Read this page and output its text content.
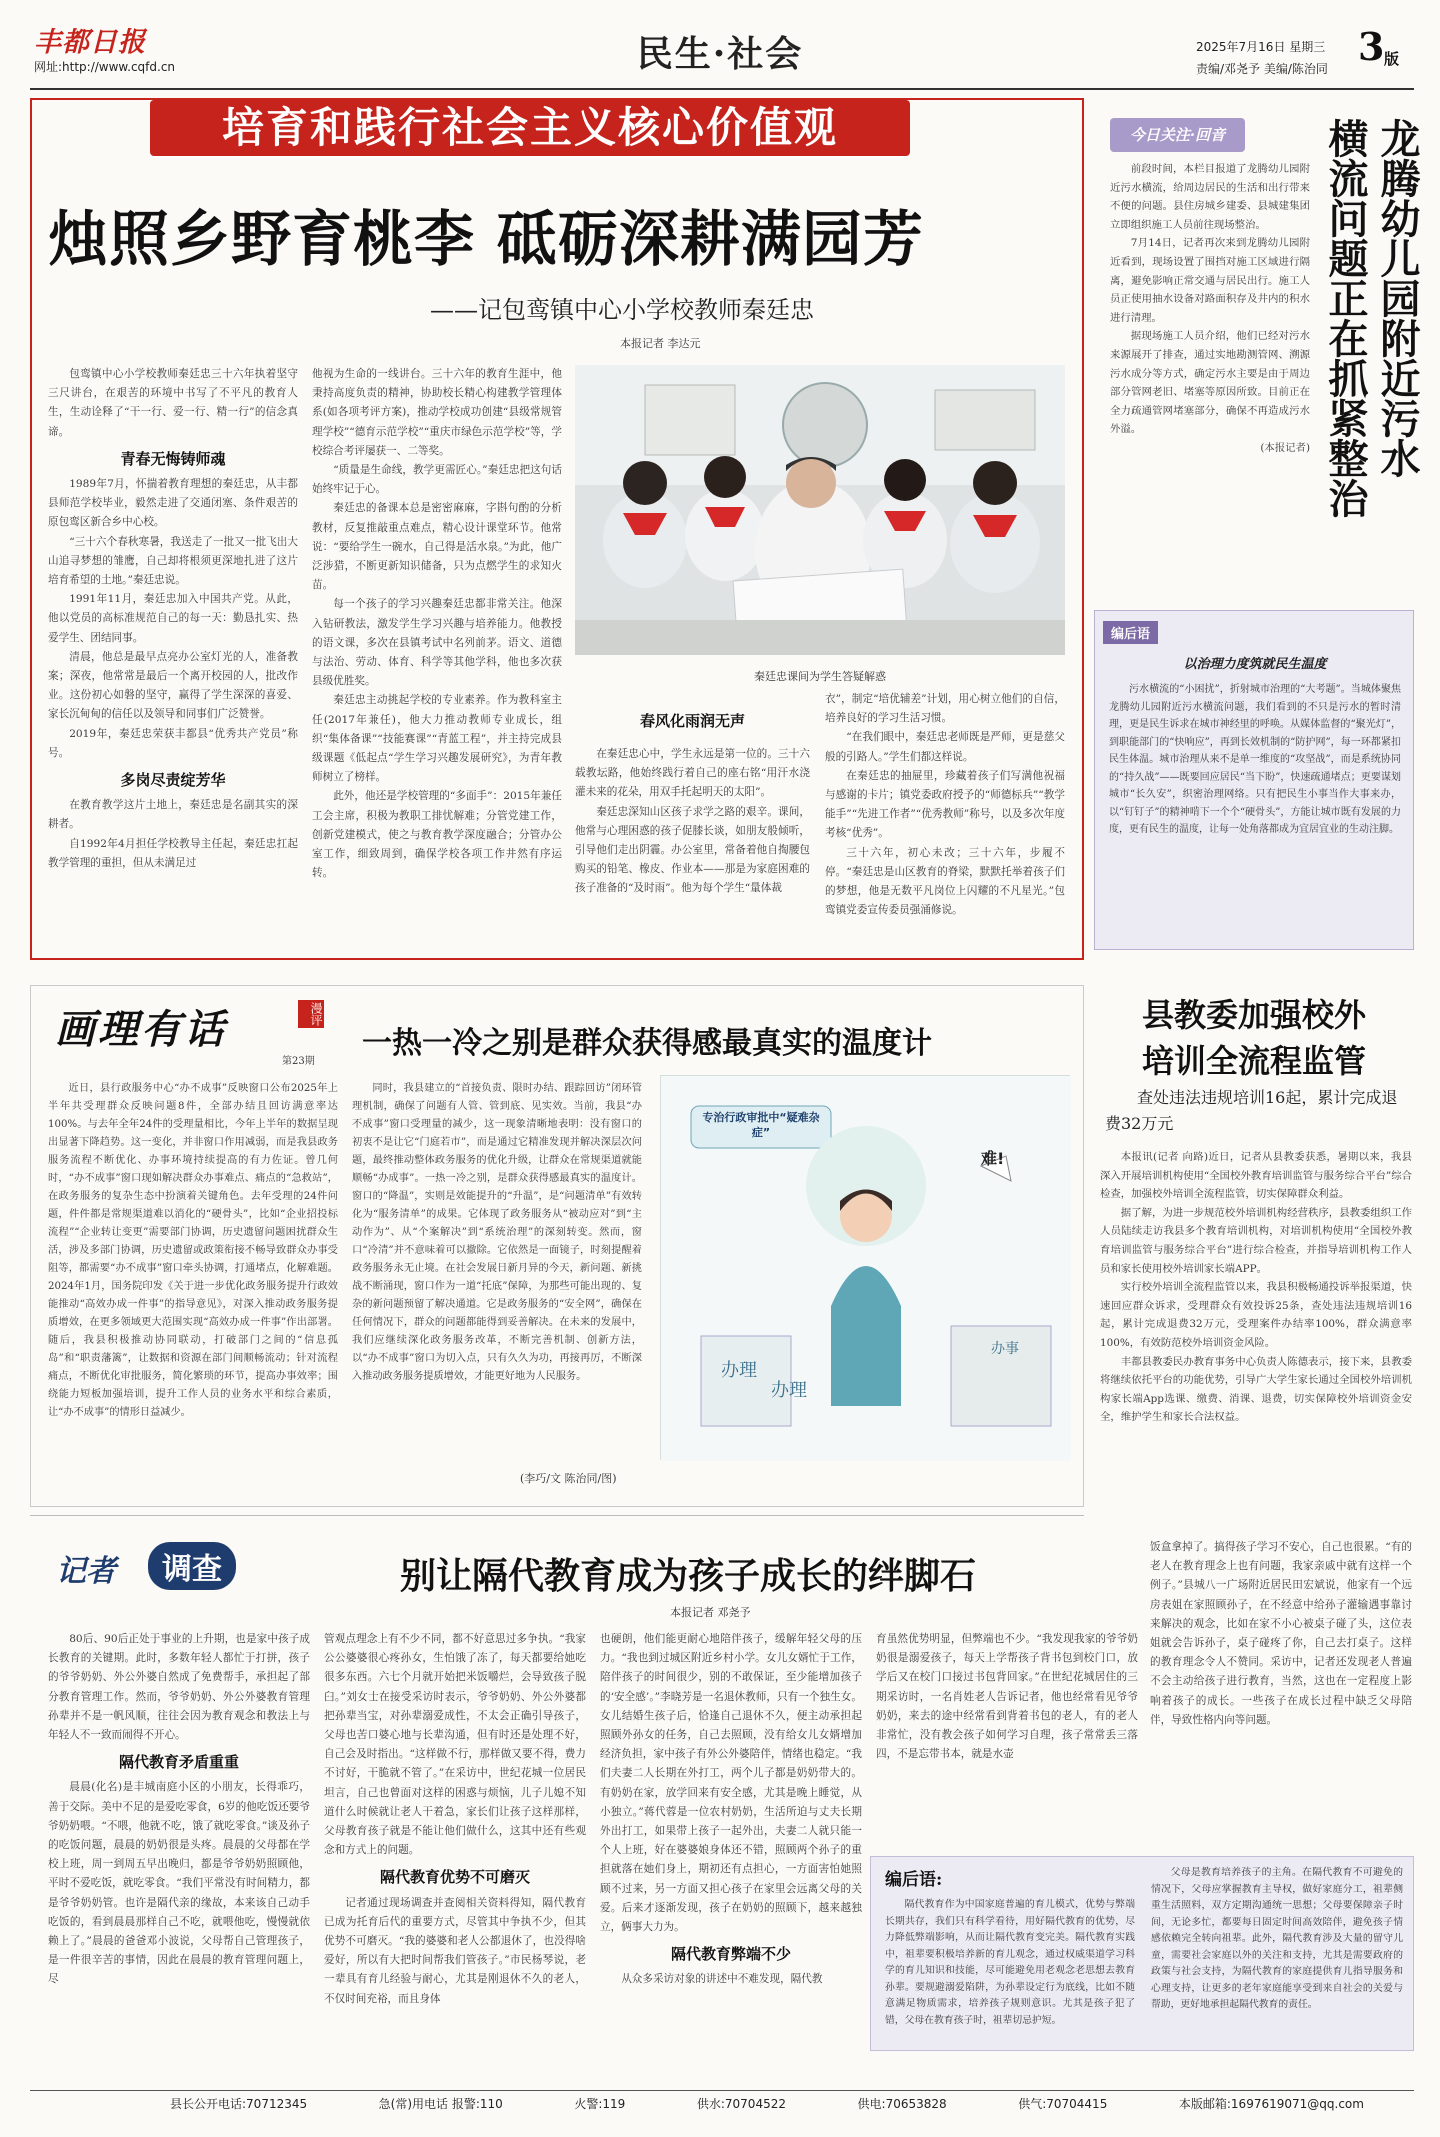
丰都日报
网址:http://www.cqfd.cn	民生·社会	2025年7月16日 星期三
责编/邓尧予 美编/陈治同 3 版
培育和践行社会主义核心价值观
烛照乡野育桃李 砥砺深耕满园芳
——记包鸾镇中心小学校教师秦廷忠
本报记者 李达元

包鸾镇中心小学校教师秦廷忠三十六年执着坚守三尺讲台，在艰苦的环境中书写了不平凡的教育人生，生动诠释了“干一行、爱一行、精一行”的信念真谛。

青春无悔铸师魂

1989年7月，怀揣着教育理想的秦廷忠，从丰都县师范学校毕业，毅然走进了交通闭塞、条件艰苦的原包鸾区新合乡中心校。

“三十六个春秋寒暑，我送走了一批又一批飞出大山追寻梦想的雏鹰，自己却将根须更深地扎进了这片培育希望的土地。”秦廷忠说。

1991年11月，秦廷忠加入中国共产党。从此，他以党员的高标准规范自己的每一天：勤恳扎实、热爱学生、团结同事。

清晨，他总是最早点亮办公室灯光的人，准备教案；深夜，他常常是最后一个离开校园的人，批改作业。这份初心如磐的坚守，赢得了学生深深的喜爱、家长沉甸甸的信任以及领导和同事们广泛赞誉。

2019年，秦廷忠荣获丰都县“优秀共产党员”称号。

多岗尽责绽芳华

在教育教学这片土地上，秦廷忠是名副其实的深耕者。

自1992年4月担任学校教导主任起，秦廷忠扛起教学管理的重担，但从未满足过

他视为生命的一线讲台。三十六年的教育生涯中，他秉持高度负责的精神，协助校长精心构建教学管理体系(如各项考评方案)，推动学校成功创建“县级常规管理学校”“德育示范学校”“重庆市绿色示范学校”等，学校综合考评屡获一、二等奖。

“质量是生命线，教学更需匠心。”秦廷忠把这句话始终牢记于心。

秦廷忠的备课本总是密密麻麻，字斟句酌的分析教材，反复推敲重点难点，精心设计课堂环节。他常说：“要给学生一碗水，自己得是活水泉。”为此，他广泛涉猎，不断更新知识储备，只为点燃学生的求知火苗。

每一个孩子的学习兴趣秦廷忠都非常关注。他深入钻研教法，激发学生学习兴趣与培养能力。他教授的语文课，多次在县镇考试中名列前茅。语文、道德与法治、劳动、体育、科学等其他学科，他也多次获县级优胜奖。

秦廷忠主动挑起学校的专业素养。作为教科室主任(2017年兼任)，他大力推动教师专业成长，组织“集体备课”“技能赛课”“青蓝工程”，并主持完成县级课题《低起点“学生学习兴趣发展研究》，为青年教师树立了榜样。

此外，他还是学校管理的“多面手”：2015年兼任工会主席，积极为教职工排忧解难；分管党建工作，创新党建模式，使之与教育教学深度融合；分管办公室工作，细致周到，确保学校各项工作井然有序运转。

秦廷忠课间为学生答疑解惑
春风化雨润无声

在秦廷忠心中，学生永远是第一位的。三十六载教坛路，他始终践行着自己的座右铭“用汗水浇灌未来的花朵，用双手托起明天的太阳”。

秦廷忠深知山区孩子求学之路的艰辛。课间，他常与心理困惑的孩子促膝长谈，如朋友般倾听，引导他们走出阴霾。办公室里，常备着他自掏腰包购买的铅笔、橡皮、作业本——那是为家庭困难的孩子准备的“及时雨”。他为每个学生“量体裁

衣”，制定“培优辅差”计划，用心树立他们的自信，培养良好的学习生活习惯。

“在我们眼中，秦廷忠老师既是严师，更是慈父般的引路人。”学生们都这样说。

在秦廷忠的抽屉里，珍藏着孩子们写满他祝福与感谢的卡片；镇党委政府授予的“师德标兵”“教学能手”“先进工作者”“优秀教师”称号，以及多次年度考核“优秀”。

三十六年，初心未改；三十六年，步履不停。“秦廷忠是山区教育的脊梁，默默托举着孩子们的梦想，他是无数平凡岗位上闪耀的不凡星光。”包鸾镇党委宣传委员强涌修说。

今日关注·回音	龙腾幼儿园附近污水
横流问题正在抓紧整治

前段时间，本栏目报道了龙腾幼儿园附近污水横流，给周边居民的生活和出行带来不便的问题。县住房城乡建委、县城建集团立即组织施工人员前往现场整治。

7月14日，记者再次来到龙腾幼儿园附近看到，现场设置了围挡对施工区域进行隔离，避免影响正常交通与居民出行。施工人员正使用抽水设备对路面积存及井内的积水进行清理。

据现场施工人员介绍，他们已经对污水来源展开了排查，通过实地勘测管网、溯源污水成分等方式，确定污水主要是由于周边部分管网老旧、堵塞等原因所致。目前正在全力疏通管网堵塞部分，确保不再造成污水外溢。

(本报记者)

编后语
以治理力度筑就民生温度
污水横流的“小困扰”，折射城市治理的“大考题”。当城体聚焦龙腾幼儿园附近污水横流问题，我们看到的不只是污水的暂时清理，更是民生诉求在城市神经里的呼唤。从媒体监督的“聚光灯”，到职能部门的“快响应”，再到长效机制的“防护网”，每一环都紧扣民生体温。城市治理从来不是单一维度的“攻坚战”，而是系统协同的“持久战”——既要回应居民“当下盼”，快速疏通堵点；更要谋划城市“长久安”，织密治理网络。只有把民生小事当作大事来办，以“钉钉子”的精神啃下一个个“硬骨头”，方能让城市既有发展的力度，更有民生的温度，让每一处角落都成为宜居宜业的生动注脚。
画理有话	漫评
第23期
一热一冷之别是群众获得感最真实的温度计
近日，县行政服务中心“办不成事”反映窗口公布2025年上半年共受理群众反映问题8件，全部办结且回访满意率达100%。与去年全年24件的受理量相比，今年上半年的数据呈现出显著下降趋势。这一变化，并非窗口作用减弱，而是我县政务服务流程不断优化、办事环境持续提高的有力佐证。曾几何时，“办不成事”窗口现如解决群众办事难点、痛点的“急救站”，在政务服务的复杂生态中扮演着关键角色。去年受理的24件问题，件件都是常规渠道难以消化的“硬骨头”，比如“企业招投标流程”“企业转让变更”需要部门协调，历史遗留问题困扰群众生活，涉及多部门协调，历史遗留或政策衔接不畅导致群众办事受阻等，都需要“办不成事”窗口牵头协调，打通堵点，化解难题。2024年1月，国务院印发《关于进一步优化政务服务提升行政效能推动“高效办成一件事”的指导意见》，对深入推动政务服务提质增效，在更多领域更大范围实现“高效办成一件事”作出部署。随后，我县积极推动协同联动，打破部门之间的“信息孤岛”和“职责藩篱”，让数据和资源在部门间顺畅流动；针对流程痛点，不断优化审批服务，简化繁琐的环节，提高办事效率；围绕能力短板加强培训，提升工作人员的业务水平和综合素质，让“办不成事”的情形日益减少。
同时，我县建立的“首接负责、限时办结、跟踪回访”闭环管理机制，确保了问题有人管、管到底、见实效。当前，我县“办不成事”窗口受理量的减少，这一现象清晰地表明：没有窗口的初衷不是让它“门庭若市”，而是通过它精准发现并解决深层次问题，最终推动整体政务服务的优化升级，让群众在常规渠道就能顺畅“办成事”。一热一冷之别，是群众获得感最真实的温度计。窗口的“降温”，实则是效能提升的“升温”，是“问题清单”有效转化为“服务清单”的成果。它体现了政务服务从“被动应对”到“主动作为”、从“个案解决”到“系统治理”的深刻转变。然而，窗口“冷清”并不意味着可以撤除。它依然是一面镜子，时刻提醒着政务服务永无止境。在社会发展日新月异的今天，新问题、新挑战不断涌现，窗口作为一道“托底”保障，为那些可能出现的、复杂的新问题预留了解决通道。它是政务服务的“安全网”，确保在任何情况下，群众的问题都能得到妥善解决。在未来的发展中，我们应继续深化政务服务改革，不断完善机制、创新方法，以“办不成事”窗口为切入点，只有久久为功，再接再厉，不断深入推动政务服务提质增效，才能更好地为人民服务。
专治行政审批中“疑难杂症”
难!
办事
办理
办理
(李巧/文 陈治同/图)
县教委加强校外
培训全流程监管
查处违法违规培训16起，累计完成退费32万元

本报讯(记者 向路)近日，记者从县教委获悉，暑期以来，我县深入开展培训机构使用“全国校外教育培训监管与服务综合平台”综合检查，加强校外培训全流程监管，切实保障群众利益。

据了解，为进一步规范校外培训机构经营秩序，县教委组织工作人员陆续走访我县多个教育培训机构，对培训机构使用“全国校外教育培训监管与服务综合平台”进行综合检查，并指导培训机构工作人员和家长使用校外培训家长端APP。

实行校外培训全流程监管以来，我县积极畅通投诉举报渠道，快速回应群众诉求，受理群众有效投诉25条，查处违法违规培训16起，累计完成退费32万元，受理案件办结率100%，群众满意率100%，有效防范校外培训资金风险。

丰都县教委民办教育事务中心负责人陈德表示，接下来，县教委将继续依托平台的功能优势，引导广大学生家长通过全国校外培训机构家长端App选课、缴费、消课、退费，切实保障校外培训资金安全，维护学生和家长合法权益。

记者	调查	别让隔代教育成为孩子成长的绊脚石
本报记者 邓尧予

80后、90后正处于事业的上升期，也是家中孩子成长教育的关键期。此时，多数年轻人都忙于打拼，孩子的爷爷奶奶、外公外婆自然成了免费帮手，承担起了部分教育管理工作。然而，爷爷奶奶、外公外婆教育管理孙辈并不是一帆风顺，往往会因为教育观念和教法上与年轻人不一致而闹得不开心。

隔代教育矛盾重重

晨晨(化名)是丰城南庭小区的小朋友，长得乖巧，善于交际。美中不足的是爱吃零食，6岁的他吃饭还要爷爷奶奶喂。“不喂，他就不吃，饿了就吃零食。”谈及孙子的吃饭问题，晨晨的奶奶很是头疼。晨晨的父母都在学校上班，周一到周五早出晚归，都是爷爷奶奶照顾他，平时不爱吃饭，就吃零食。“我们平常没有时间精力，都是爷爷奶奶管。也许是隔代亲的缘故，本来该自己动手吃饭的，看到晨晨那样自己不吃，就喂他吃，慢慢就依赖上了。”晨晨的爸爸邓小波说，父母帮自己管理孩子，是一件很辛苦的事情，因此在晨晨的教育管理问题上，尽

管观点理念上有不少不同，都不好意思过多争执。“我家公公婆婆很心疼孙女，生怕饿了冻了，每天都要给她吃很多东西。六七个月就开始把米饭嚼烂，会导致孩子脱臼。”刘女士在接受采访时表示，爷爷奶奶、外公外婆都把孙辈当宝，对孙辈溺爱成性，不太会正确引导孩子，父母也苦口婆心地与长辈沟通，但有时还是处理不好，自己会及时指出。“这样做不行，那样做又要不得，费力不讨好，干脆就不管了。”在采访中，世纪花城一位居民坦言，自己也曾面对这样的困惑与烦恼，儿子儿媳不知道什么时候就让老人干着急，家长们让孩子这样那样，父母教育孩子就是不能让他们做什么，这其中还有些观念和方式上的问题。

隔代教育优势不可磨灭

记者通过现场调查并查阅相关资料得知，隔代教育已成为托育后代的重要方式，尽管其中争执不少，但其优势不可磨灭。“我的婆婆和老人公都退休了，也没得啥爱好，所以有大把时间帮我们管孩子。”市民杨琴说，老一辈具有育儿经验与耐心，尤其是刚退休不久的老人，不仅时间充裕，而且身体

也硬朗，他们能更耐心地陪伴孩子，缓解年轻父母的压力。“我也到过城区附近乡村小学。女儿女婿忙于工作，陪伴孩子的时间很少，别的不敢保证，至少能增加孩子的‘安全感’。”李晓芳是一名退休教师，只有一个独生女。女儿结婚生孩子后，恰逢自己退休不久，便主动承担起照顾外孙女的任务，自己去照顾，没有给女儿女婿增加经济负担，家中孩子有外公外婆陪伴，情绪也稳定。“我们夫妻二人长期在外打工，两个儿子都是奶奶带大的。有奶奶在家，放学回来有安全感，尤其是晚上睡觉，从小独立。”蒋代蓉是一位农村奶奶，生活所迫与丈夫长期外出打工，如果带上孩子一起外出，夫妻二人就只能一个人上班，好在婆婆娘身体还不错，照顾两个孙子的重担就落在她们身上，期初还有点担心，一方面害怕她照顾不过来，另一方面又担心孩子在家里会远离父母的关爱。后来才逐渐发现，孩子在奶奶的照顾下，越来越独立，俩事大力为。

隔代教育弊端不少

从众多采访对象的讲述中不难发现，隔代教

育虽然优势明显，但弊端也不少。“我发现我家的爷爷奶奶很是溺爱孩子，每天上学帮孩子背书包到校门口，放学后又在校门口接过书包背回家。”在世纪花城居住的三期采访时，一名肖姓老人告诉记者，他也经常看见爷爷奶奶，来去的途中经常看到背着书包的老人，有的老人非常忙，没有教会孩子如何学习自理，孩子常常丢三落四，不是忘带书本，就是水壶

饭盒拿掉了。搞得孩子学习不安心，自己也很累。“有的老人在教育理念上也有问题，我家亲戚中就有这样一个例子。”县城八一广场附近居民田宏斌说，他家有一个远房表姐在家照顾孙子，在不经意中给孙子灌输遇事靠讨来解决的观念，比如在家不小心被桌子碰了头，这位表姐就会告诉孙子，桌子碰疼了你，自己去打桌子。这样的教育理念令人不赞同。采访中，记者还发现老人普遍不会主动给孩子进行教育，当然，这也在一定程度上影响着孩子的成长。一些孩子在成长过程中缺乏父母陪伴，导致性格内向等问题。

编后语:
隔代教育作为中国家庭普遍的育儿模式，优势与弊端长期共存，我们只有科学看待，用好隔代教育的优势，尽力降低弊端影响，从而让隔代教育变完美。隔代教育实践中，祖辈要积极培养新的育儿观念，通过权威渠道学习科学的育儿知识和技能，尽可能避免用老观念老思想去教育孙辈。要规避溺爱陷阱，为孙辈设定行为底线，比如不随意满足物质需求，培养孩子规则意识。尤其是孩子犯了错，父母在教育孩子时，祖辈切忌护短。
父母是教育培养孩子的主角。在隔代教育不可避免的情况下，父母应掌握教育主导权，做好家庭分工，祖辈侧重生活照料，双方定期沟通统一思想；父母要保障亲子时间，无论多忙，都要每日固定时间高效陪伴，避免孩子情感依赖完全转向祖辈。此外，隔代教育涉及大量的留守儿童，需要社会家庭以外的关注和支持，尤其是需要政府的政策与社会支持，为隔代教育的家庭提供育儿指导服务和心理支持，让更多的老年家庭能享受到来自社会的关爱与帮助，更好地承担起隔代教育的责任。
县长公开电话:70712345	急(常)用电话 报警:110	火警:119	供水:70704522	供电:70653828	供气:70704415	本版邮箱:1697619071@qq.com
